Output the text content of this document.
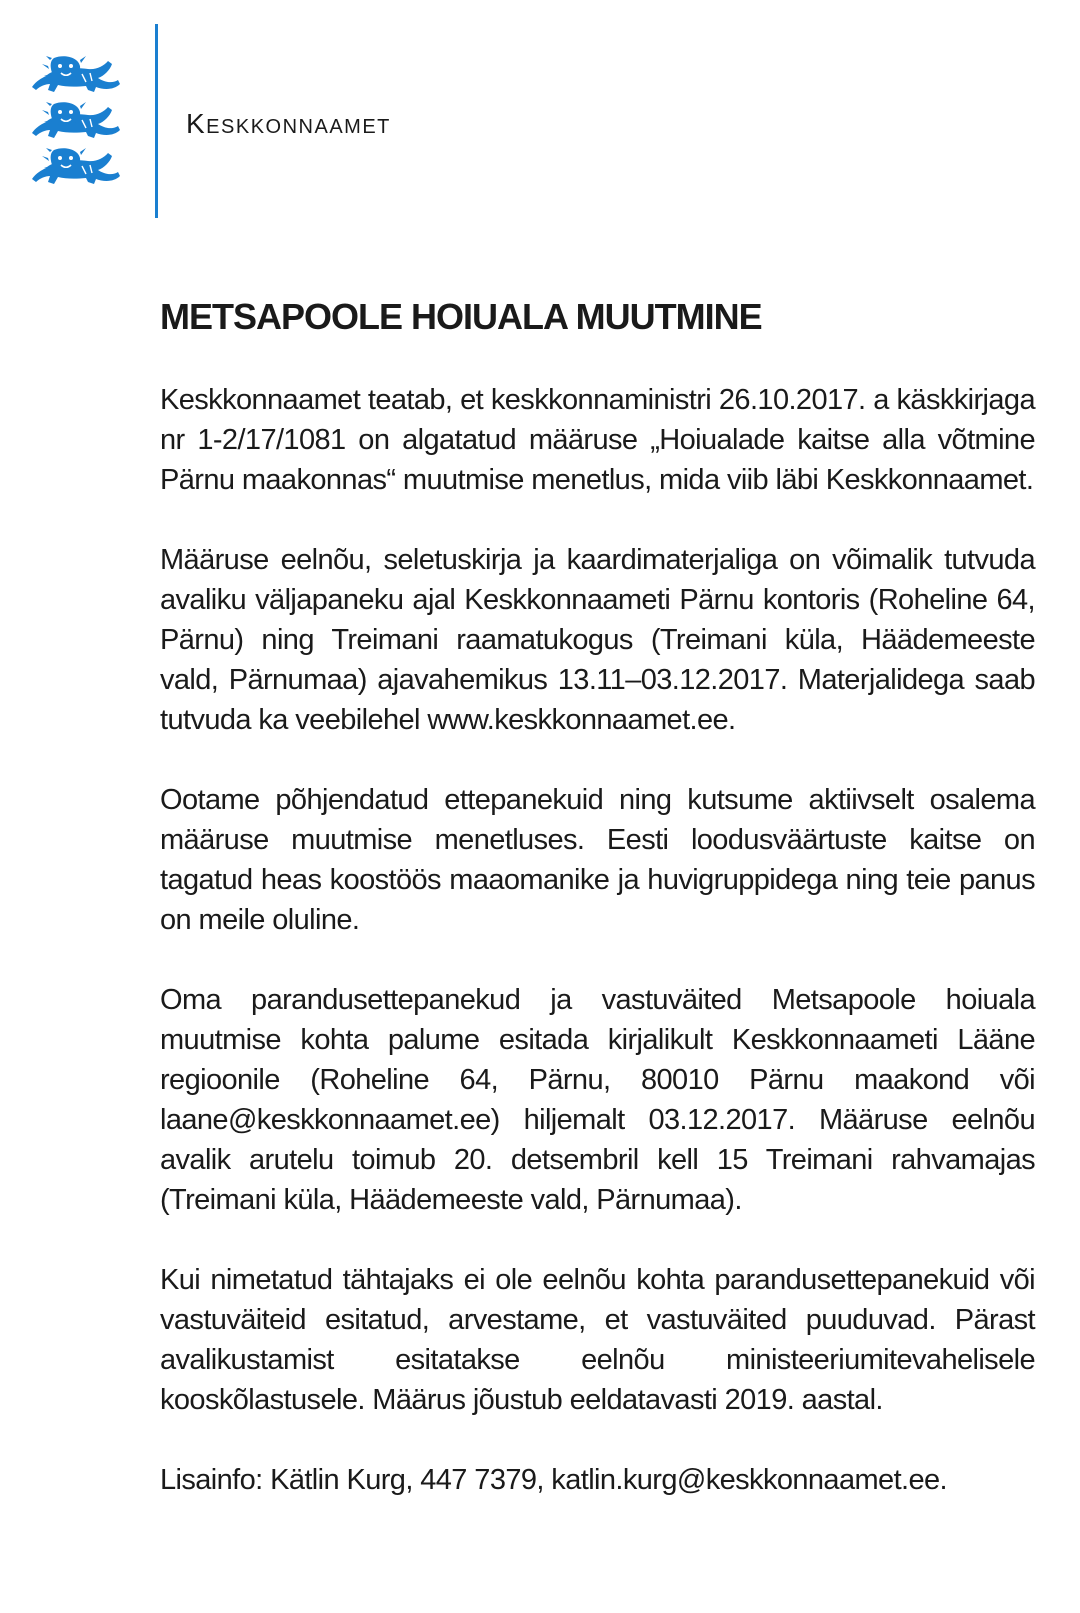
Keskkonnaamet
METSAPOOLE HOIUALA MUUTMINE

Keskkonnaamet teatab, et keskkonnaministri 26.10.2017. a käskkirjaga nr 1-2/17/1081 on algatatud määruse „Hoiualade kaitse alla võtmine Pärnu maakonnas“ muutmise menetlus, mida viib läbi Keskkonnaamet.

Määruse eelnõu, seletuskirja ja kaardimaterjaliga on võimalik tutvuda avaliku väljapaneku ajal Keskkonnaameti Pärnu kontoris (Roheline 64, Pärnu) ning Treimani raamatukogus (Treimani küla, Häädemeeste vald, Pärnumaa) ajavahemikus 13.11–03.12.2017. Materjalidega saab tutvuda ka veebilehel www.keskkonnaamet.ee.

Ootame põhjendatud ettepanekuid ning kutsume aktiivselt osalema määruse muutmise menetluses. Eesti loodusväärtuste kaitse on tagatud heas koostöös maaomanike ja huvigruppidega ning teie panus on meile oluline.

Oma parandusettepanekud ja vastuväited Metsapoole hoiuala muutmise kohta palume esitada kirjalikult Keskkonnaameti Lääne regioonile (Roheline 64, Pärnu, 80010 Pärnu maakond või laane@keskkonnaamet.ee) hiljemalt 03.12.2017. Määruse eelnõu avalik arutelu toimub 20. detsembril kell 15 Treimani rahvamajas (Treimani küla, Häädemeeste vald, Pärnumaa).

Kui nimetatud tähtajaks ei ole eelnõu kohta parandusettepanekuid või vastuväiteid esitatud, arvestame, et vastuväited puuduvad. Pärast avalikustamist esitatakse eelnõu ministeeriumitevahelisele kooskõlastusele. Määrus jõustub eeldatavasti 2019. aastal.

Lisainfo: Kätlin Kurg, 447 7379, katlin.kurg@keskkonnaamet.ee.
